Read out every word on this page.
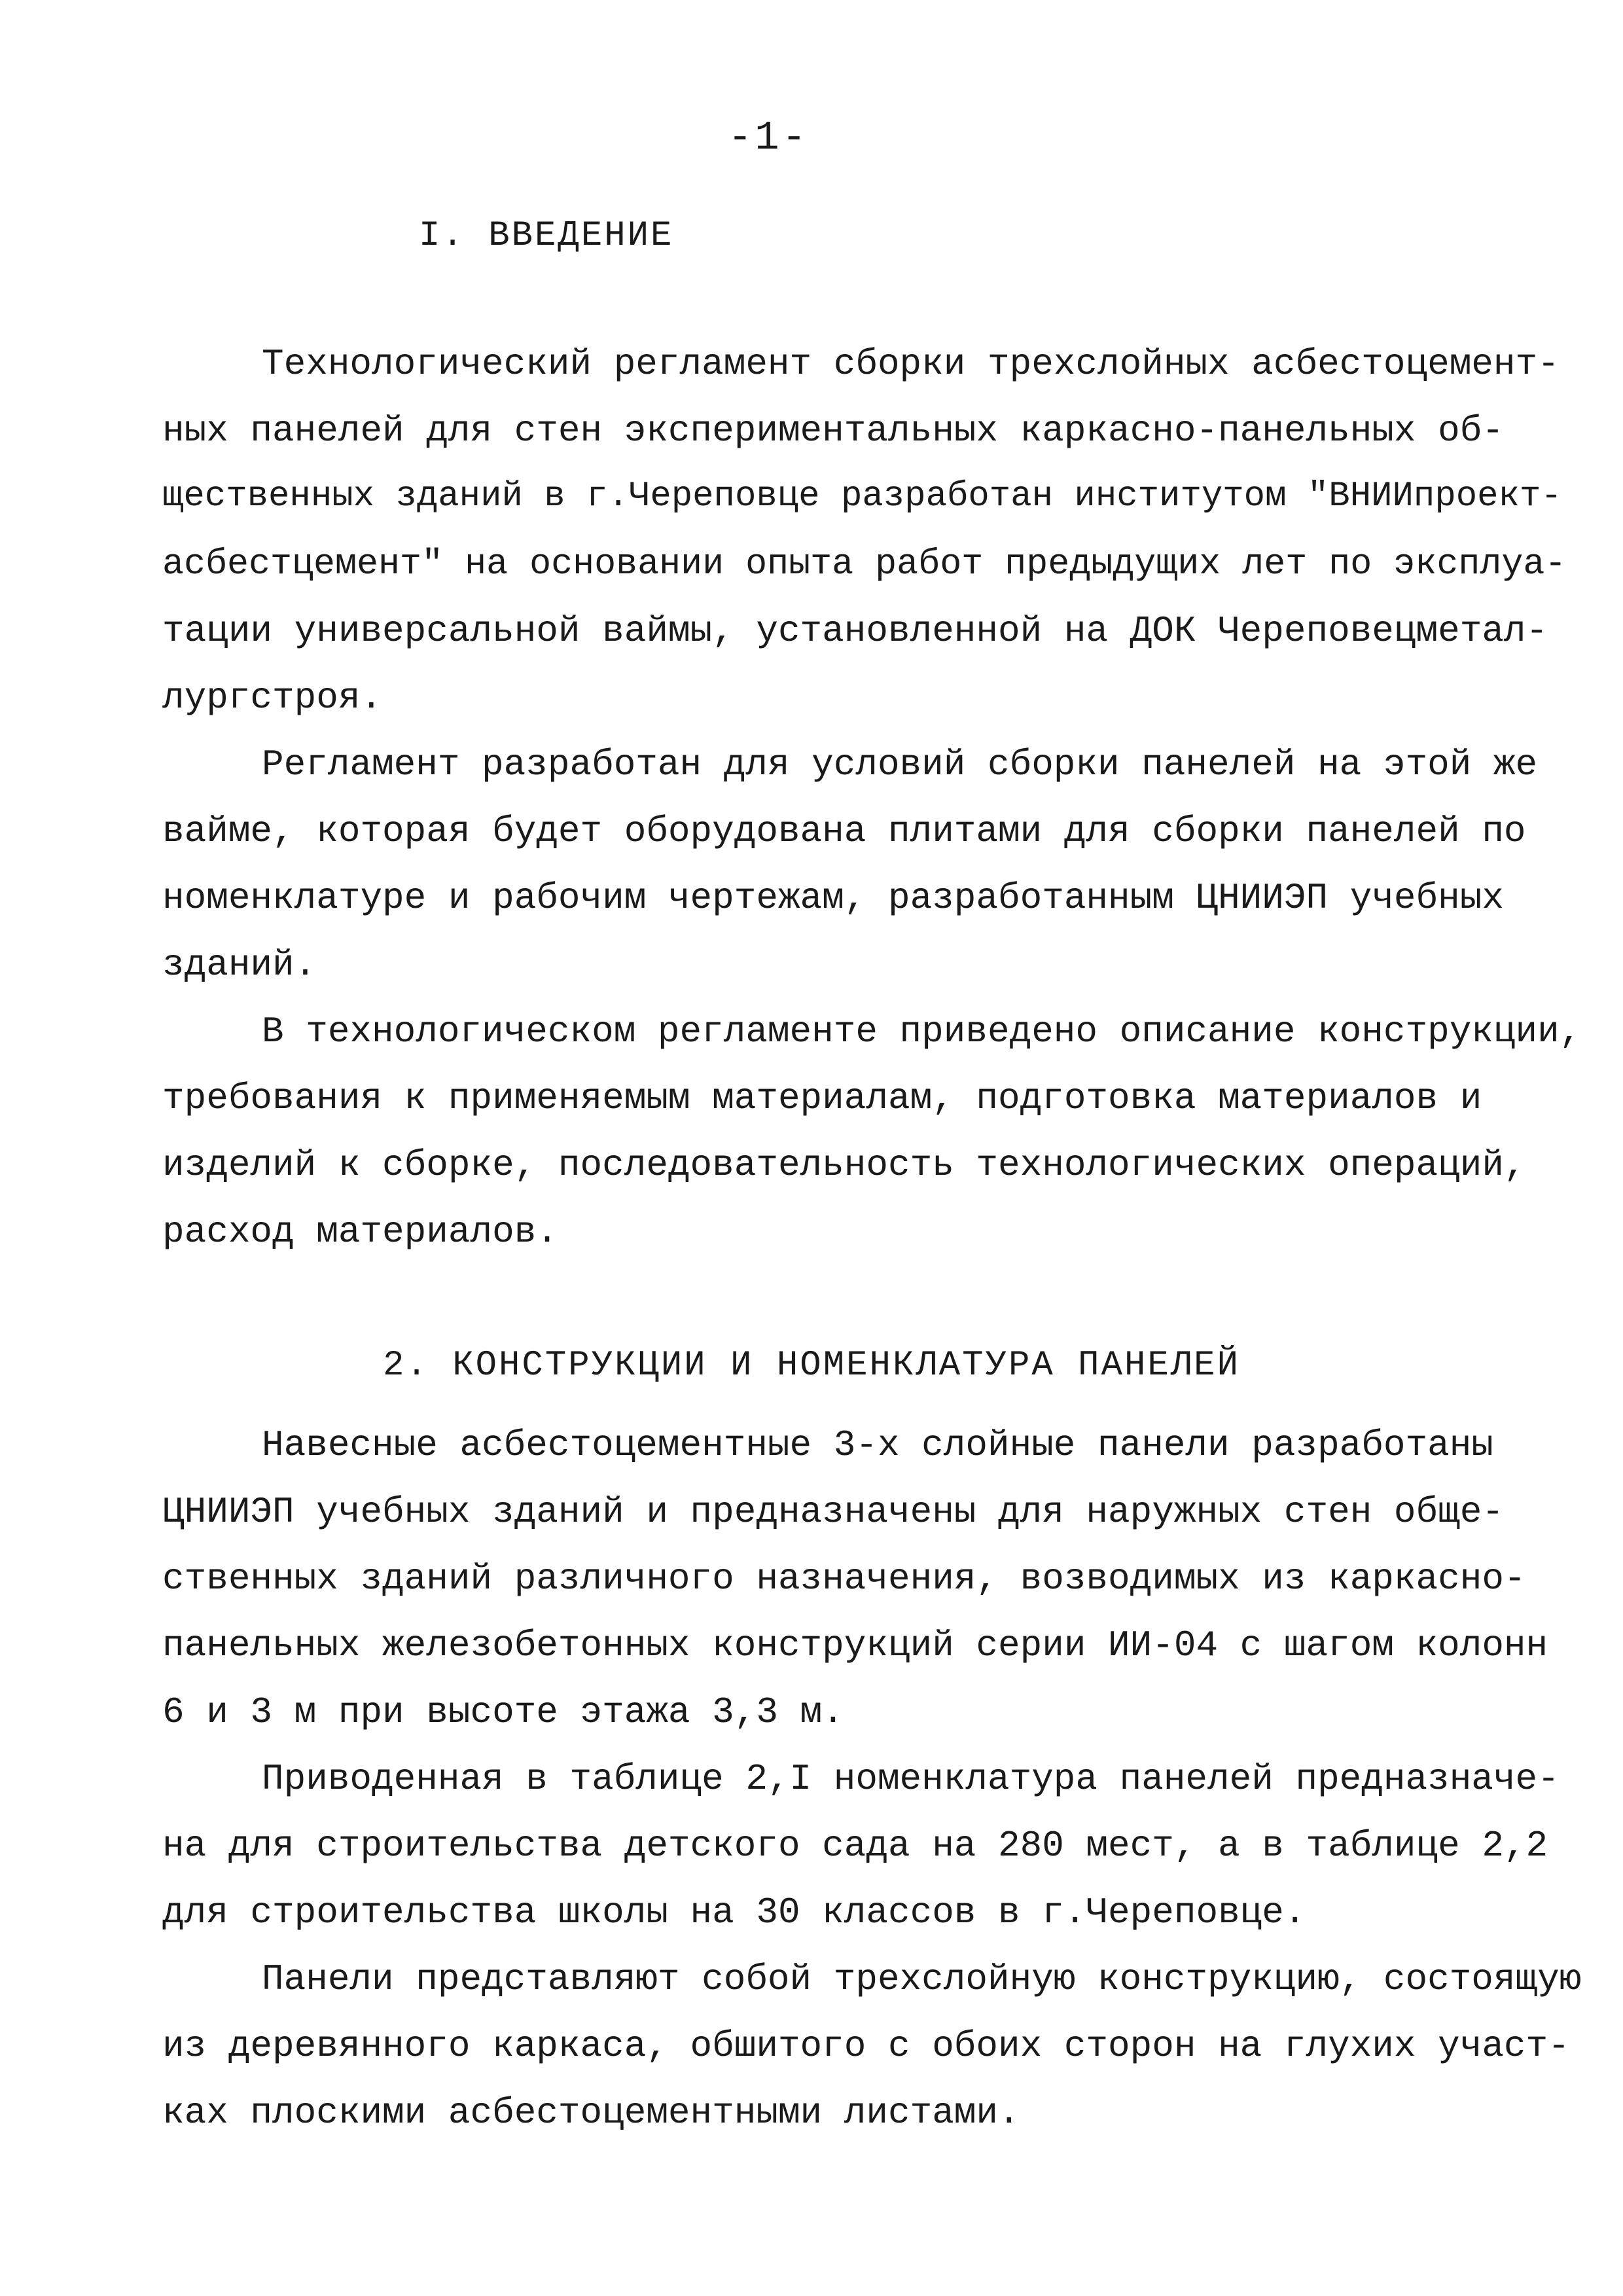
-1-
I. ВВЕДЕНИЕ
Технологический регламент сборки трехслойных асбестоцемент-
ных панелей для стен экспериментальных каркасно-панельных об-
щественных зданий в г.Череповце разработан институтом "ВНИИпроект-
асбестцемент" на основании опыта работ предыдущих лет по эксплуа-
тации универсальной ваймы, установленной на ДОК Череповецметал-
лургстроя.
Регламент разработан для условий сборки панелей на этой же
вайме, которая будет оборудована плитами для сборки панелей по
номенклатуре и рабочим чертежам, разработанным ЦНИИЭП учебных
зданий.
В технологическом регламенте приведено описание конструкции,
требования к применяемым материалам, подготовка материалов и
изделий к сборке, последовательность технологических операций,
расход материалов.
2. КОНСТРУКЦИИ И НОМЕНКЛАТУРА ПАНЕЛЕЙ
Навесные асбестоцементные 3-х слойные панели разработаны
ЦНИИЭП учебных зданий и предназначены для наружных стен обще-
ственных зданий различного назначения, возводимых из каркасно-
панельных железобетонных конструкций серии ИИ-04 с шагом колонн
6 и 3 м при высоте этажа 3,3 м.
Приводенная в таблице 2,I номенклатура панелей предназначе-
на для строительства детского сада на 280 мест, а в таблице 2,2
для строительства школы на 30 классов в г.Череповце.
Панели представляют собой трехслойную конструкцию, состоящую
из деревянного каркаса, обшитого с обоих сторон на глухих участ-
ках плоскими асбестоцементными листами.
